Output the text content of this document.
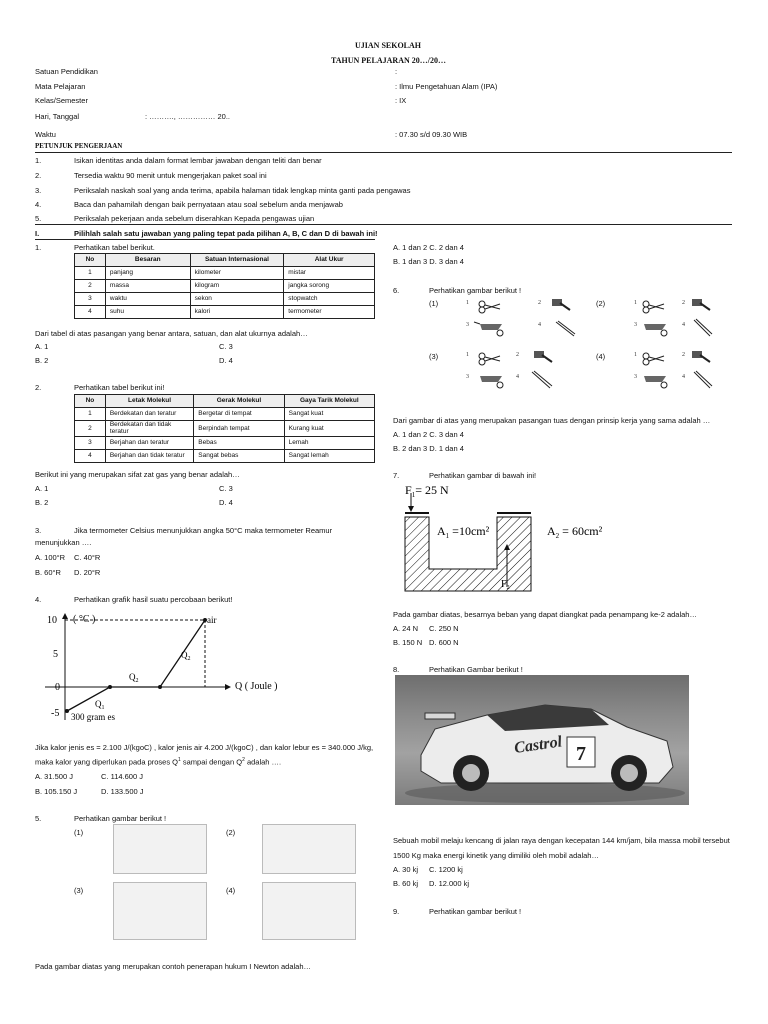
UJIAN SEKOLAH
TAHUN PELAJARAN 20…/20…
Satuan Pendidikan	:
Mata Pelajaran	: Ilmu Pengetahuan Alam (IPA)
Kelas/Semester	: IX
Hari, Tanggal	: ………., …………… 20..
Waktu	: 07.30 s/d 09.30 WIB
PETUNJUK PENGERJAAN
1.	Isikan identitas anda dalam format lembar jawaban dengan teliti dan benar
2.	Tersedia waktu 90 menit untuk mengerjakan paket soal ini
3.	Periksalah naskah soal yang anda terima, apabila halaman tidak lengkap minta ganti pada pengawas
4.	Baca dan pahamilah dengan baik pernyataan atau soal sebelum anda menjawab
5.	Periksalah pekerjaan anda sebelum diserahkan Kepada pengawas ujian
I.	Pilihlah salah satu jawaban yang paling tepat pada pilihan A, B, C dan D di bawah ini!
1.	Perhatikan tabel berikut.
No	Besaran	Satuan Internasional	Alat Ukur
1	panjang	kilometer	mistar
2	massa	kilogram	jangka sorong
3	waktu	sekon	stopwatch
4	suhu	kalori	termometer
Dari tabel di atas pasangan yang benar antara, satuan, dan alat ukurnya adalah…
A. 1	C. 3
B. 2	D. 4
2.	Perhatikan tabel berikut ini!
No	Letak Molekul	Gerak Molekul	Gaya Tarik Molekul
1	Berdekatan dan teratur	Bergetar di tempat	Sangat kuat
2	Berdekatan dan tidak teratur	Berpindah tempat	Kurang kuat
3	Berjahan dan teratur	Bebas	Lemah
4	Berjahan dan tidak teratur	Sangat bebas	Sangat lemah
Berikut ini yang merupakan sifat zat gas yang benar adalah…
A. 1	C. 3
B. 2	D. 4
3.	Jika termometer Celsius menunjukkan angka 50°C maka termometer Reamur
menunjukkan ….
A. 100°R C. 40°R
B. 60°R D. 20°R
4.	Perhatikan grafik hasil suatu percobaan berikut!
10
5
0
-5
( °C )
Q ( Joule )
air
300 gram es
$Q_1$
$Q_2$
$Q_2$
Jika kalor jenis es = 2.100 J/(kgoC) , kalor jenis air 4.200 J/(kgoC) , dan kalor lebur es = 340.000 J/kg,
maka kalor yang diperlukan pada proses $Q^1$ sampai dengan $Q^2$ adalah ….
A. 31.500 J	C. 114.600 J
B. 105.150 J	D. 133.500 J
5.	Perhatikan gambar berikut !
(1)	(2)
(3)	(4)
Pada gambar diatas yang merupakan contoh penerapan hukum I Newton adalah…
A. 1 dan 2 C. 2 dan 4
B. 1 dan 3 D. 3 dan 4
6.	Perhatikan gambar berikut !
(1)	(2)
(3)	(4)
1	2
3	4
1	2
3	4
1	2
3	4
1	2
3	4
Dari gambar di atas yang merupakan pasangan tuas dengan prinsip kerja yang sama adalah …
A. 1 dan 2 C. 3 dan 4
B. 2 dan 3 D. 1 dan 4
7.	Perhatikan gambar di bawah ini!
$F_1= 25$ N
$A_1 =10cm^2$	$A_2 = 60cm^2$
$F_2$
Pada gambar diatas, besarnya beban yang dapat diangkat pada penampang ke-2 adalah…
A. 24 N C. 250 N
B. 150 N D. 600 N
8.	Perhatikan Gambar berikut !
7
Castrol
Sebuah mobil melaju kencang di jalan raya dengan kecepatan 144 km/jam, bila massa mobil tersebut
1500 Kg maka energi kinetik yang dimiliki oleh mobil adalah…
A. 30 kj C. 1200 kj
B. 60 kj D. 12.000 kj
9.	Perhatikan gambar berikut !
